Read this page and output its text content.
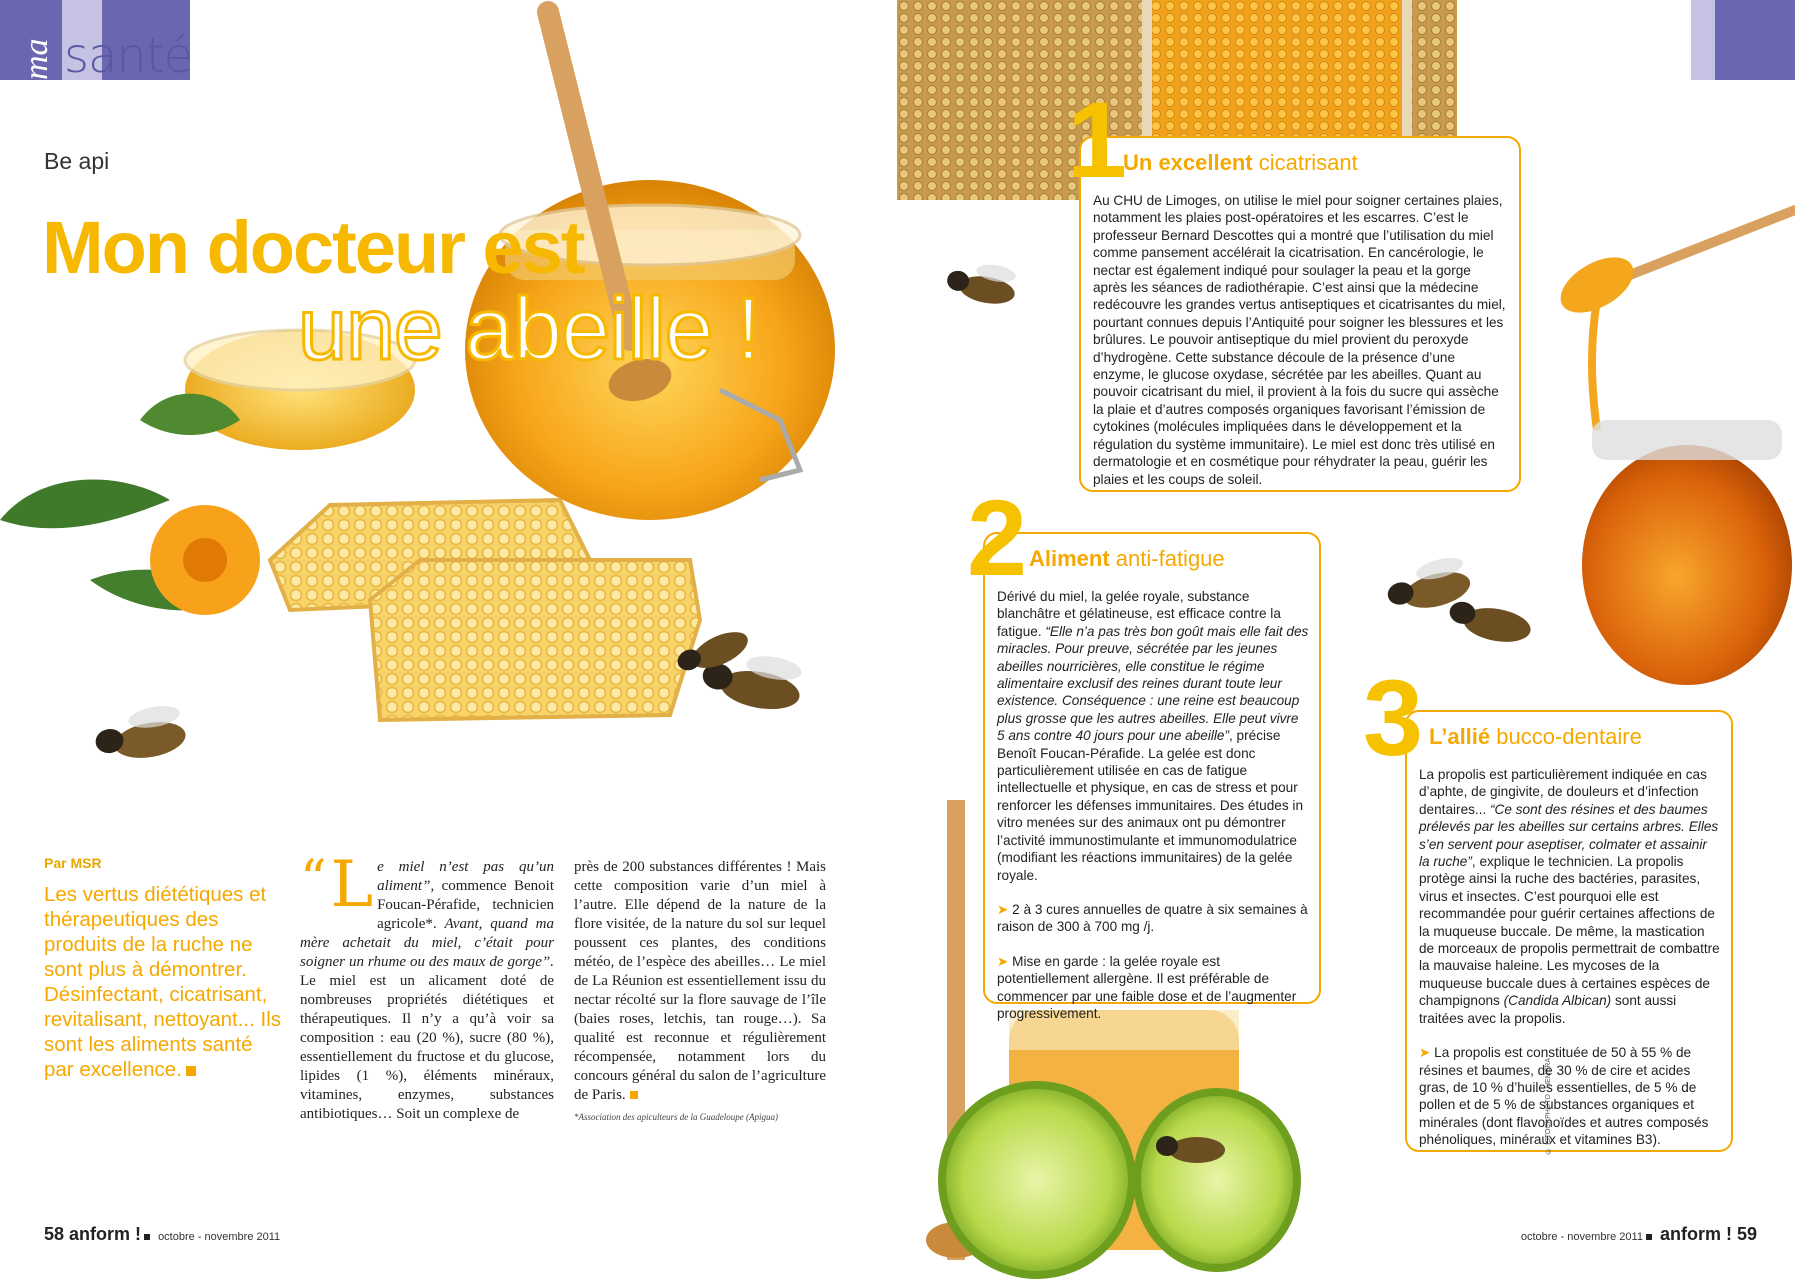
ma santé
Be api
Mon docteur est
une abeille !
Par MSR
Les vertus diététiques et thérapeutiques des produits de la ruche ne sont plus à démontrer. Désinfectant, cicatrisant, revitalisant, nettoyant... Ils sont les aliments santé par excellence.
“ L e miel n’est pas qu’un aliment”, commence Benoit Foucan-Pérafide, technicien agricole*. Avant, quand ma mère achetait du miel, c’était pour soigner un rhume ou des maux de gorge”. Le miel est un alicament doté de nombreuses propriétés diététiques et thérapeutiques. Il n’y a qu’à voir sa composition : eau (20 %), sucre (80 %), essentiellement du fructose et du glucose, lipides (1 %), éléments minéraux, vitamines, enzymes, substances antibiotiques… Soit un complexe de
près de 200 substances différentes ! Mais cette composition varie d’un miel à l’autre. Elle dépend de la nature de la flore visitée, de la nature du sol sur lequel poussent ces plantes, des conditions météo, de l’espèce des abeilles… Le miel de La Réunion est essentiellement issu du nectar récolté sur la flore sauvage de l’île (baies roses, letchis, tan rouge…). Sa qualité est reconnue et régulièrement récompensée, notamment lors du concours général du salon de l’agriculture de Paris.
*Association des apiculteurs de la Guadeloupe (Apigua)
58 anform ! octobre - novembre 2011
1 Un excellent cicatrisant

Au CHU de Limoges, on utilise le miel pour soigner certaines plaies, notamment les plaies post-opératoires et les escarres. C’est le professeur Bernard Descottes qui a montré que l’utilisation du miel comme pansement accélérait la cicatrisation. En cancérologie, le nectar est également indiqué pour soulager la peau et la gorge après les séances de radiothérapie. C’est ainsi que la médecine redécouvre les grandes vertus antiseptiques et cicatrisantes du miel, pourtant connues depuis l’Antiquité pour soigner les blessures et les brûlures. Le pouvoir antiseptique du miel provient du peroxyde d’hydrogène. Cette substance découle de la présence d’une enzyme, le glucose oxydase, sécrétée par les abeilles. Quant au pouvoir cicatrisant du miel, il provient à la fois du sucre qui assèche la plaie et d’autres composés organiques favorisant l’émission de cytokines (molécules impliquées dans le développement et la régulation du système immunitaire). Le miel est donc très utilisé en dermatologie et en cosmétique pour réhydrater la peau, guérir les plaies et les coups de soleil.

2 Aliment anti-fatigue

Dérivé du miel, la gelée royale, substance blanchâtre et gélatineuse, est efficace contre la fatigue. “Elle n’a pas très bon goût mais elle fait des miracles. Pour preuve, sécrétée par les jeunes abeilles nourricières, elle constitue le régime alimentaire exclusif des reines durant toute leur existence. Conséquence : une reine est beaucoup plus grosse que les autres abeilles. Elle peut vivre 5 ans contre 40 jours pour une abeille”, précise Benoît Foucan-Pérafide. La gelée est donc particulièrement utilisée en cas de fatigue intellectuelle et physique, en cas de stress et pour renforcer les défenses immunitaires. Des études in vitro menées sur des animaux ont pu démontrer l’activité immunostimulante et immunomodulatrice (modifiant les réactions immunitaires) de la gelée royale.

➤ 2 à 3 cures annuelles de quatre à six semaines à raison de 300 à 700 mg /j.

➤ Mise en garde : la gelée royale est potentiellement allergène. Il est préférable de commencer par une faible dose et de l’augmenter progressivement.

3 L’allié bucco-dentaire

La propolis est particulièrement indiquée en cas d’aphte, de gingivite, de douleurs et d’infection dentaires... “Ce sont des résines et des baumes prélevés par les abeilles sur certains arbres. Elles s’en servent pour aseptiser, colmater et assainir la ruche”, explique le technicien. La propolis protège ainsi la ruche des bactéries, parasites, virus et insectes. C’est pourquoi elle est recommandée pour guérir certaines affections de la muqueuse buccale. De même, la mastication de morceaux de propolis permettrait de combattre la mauvaise haleine. Les mycoses de la muqueuse buccale dues à certaines espèces de champignons (Candida Albican) sont aussi traitées avec la propolis.

➤ La propolis est constituée de 50 à 55 % de résines et baumes, de 30 % de cire et acides gras, de 10 % d’huiles essentielles, de 5 % de pollen et de 5 % de substances organiques et minérales (dont flavonoïdes et autres composés phénoliques, minéraux et vitamines B3).

© ISTOCKPHOTO - HEMERA
octobre - novembre 2011 anform ! 59
